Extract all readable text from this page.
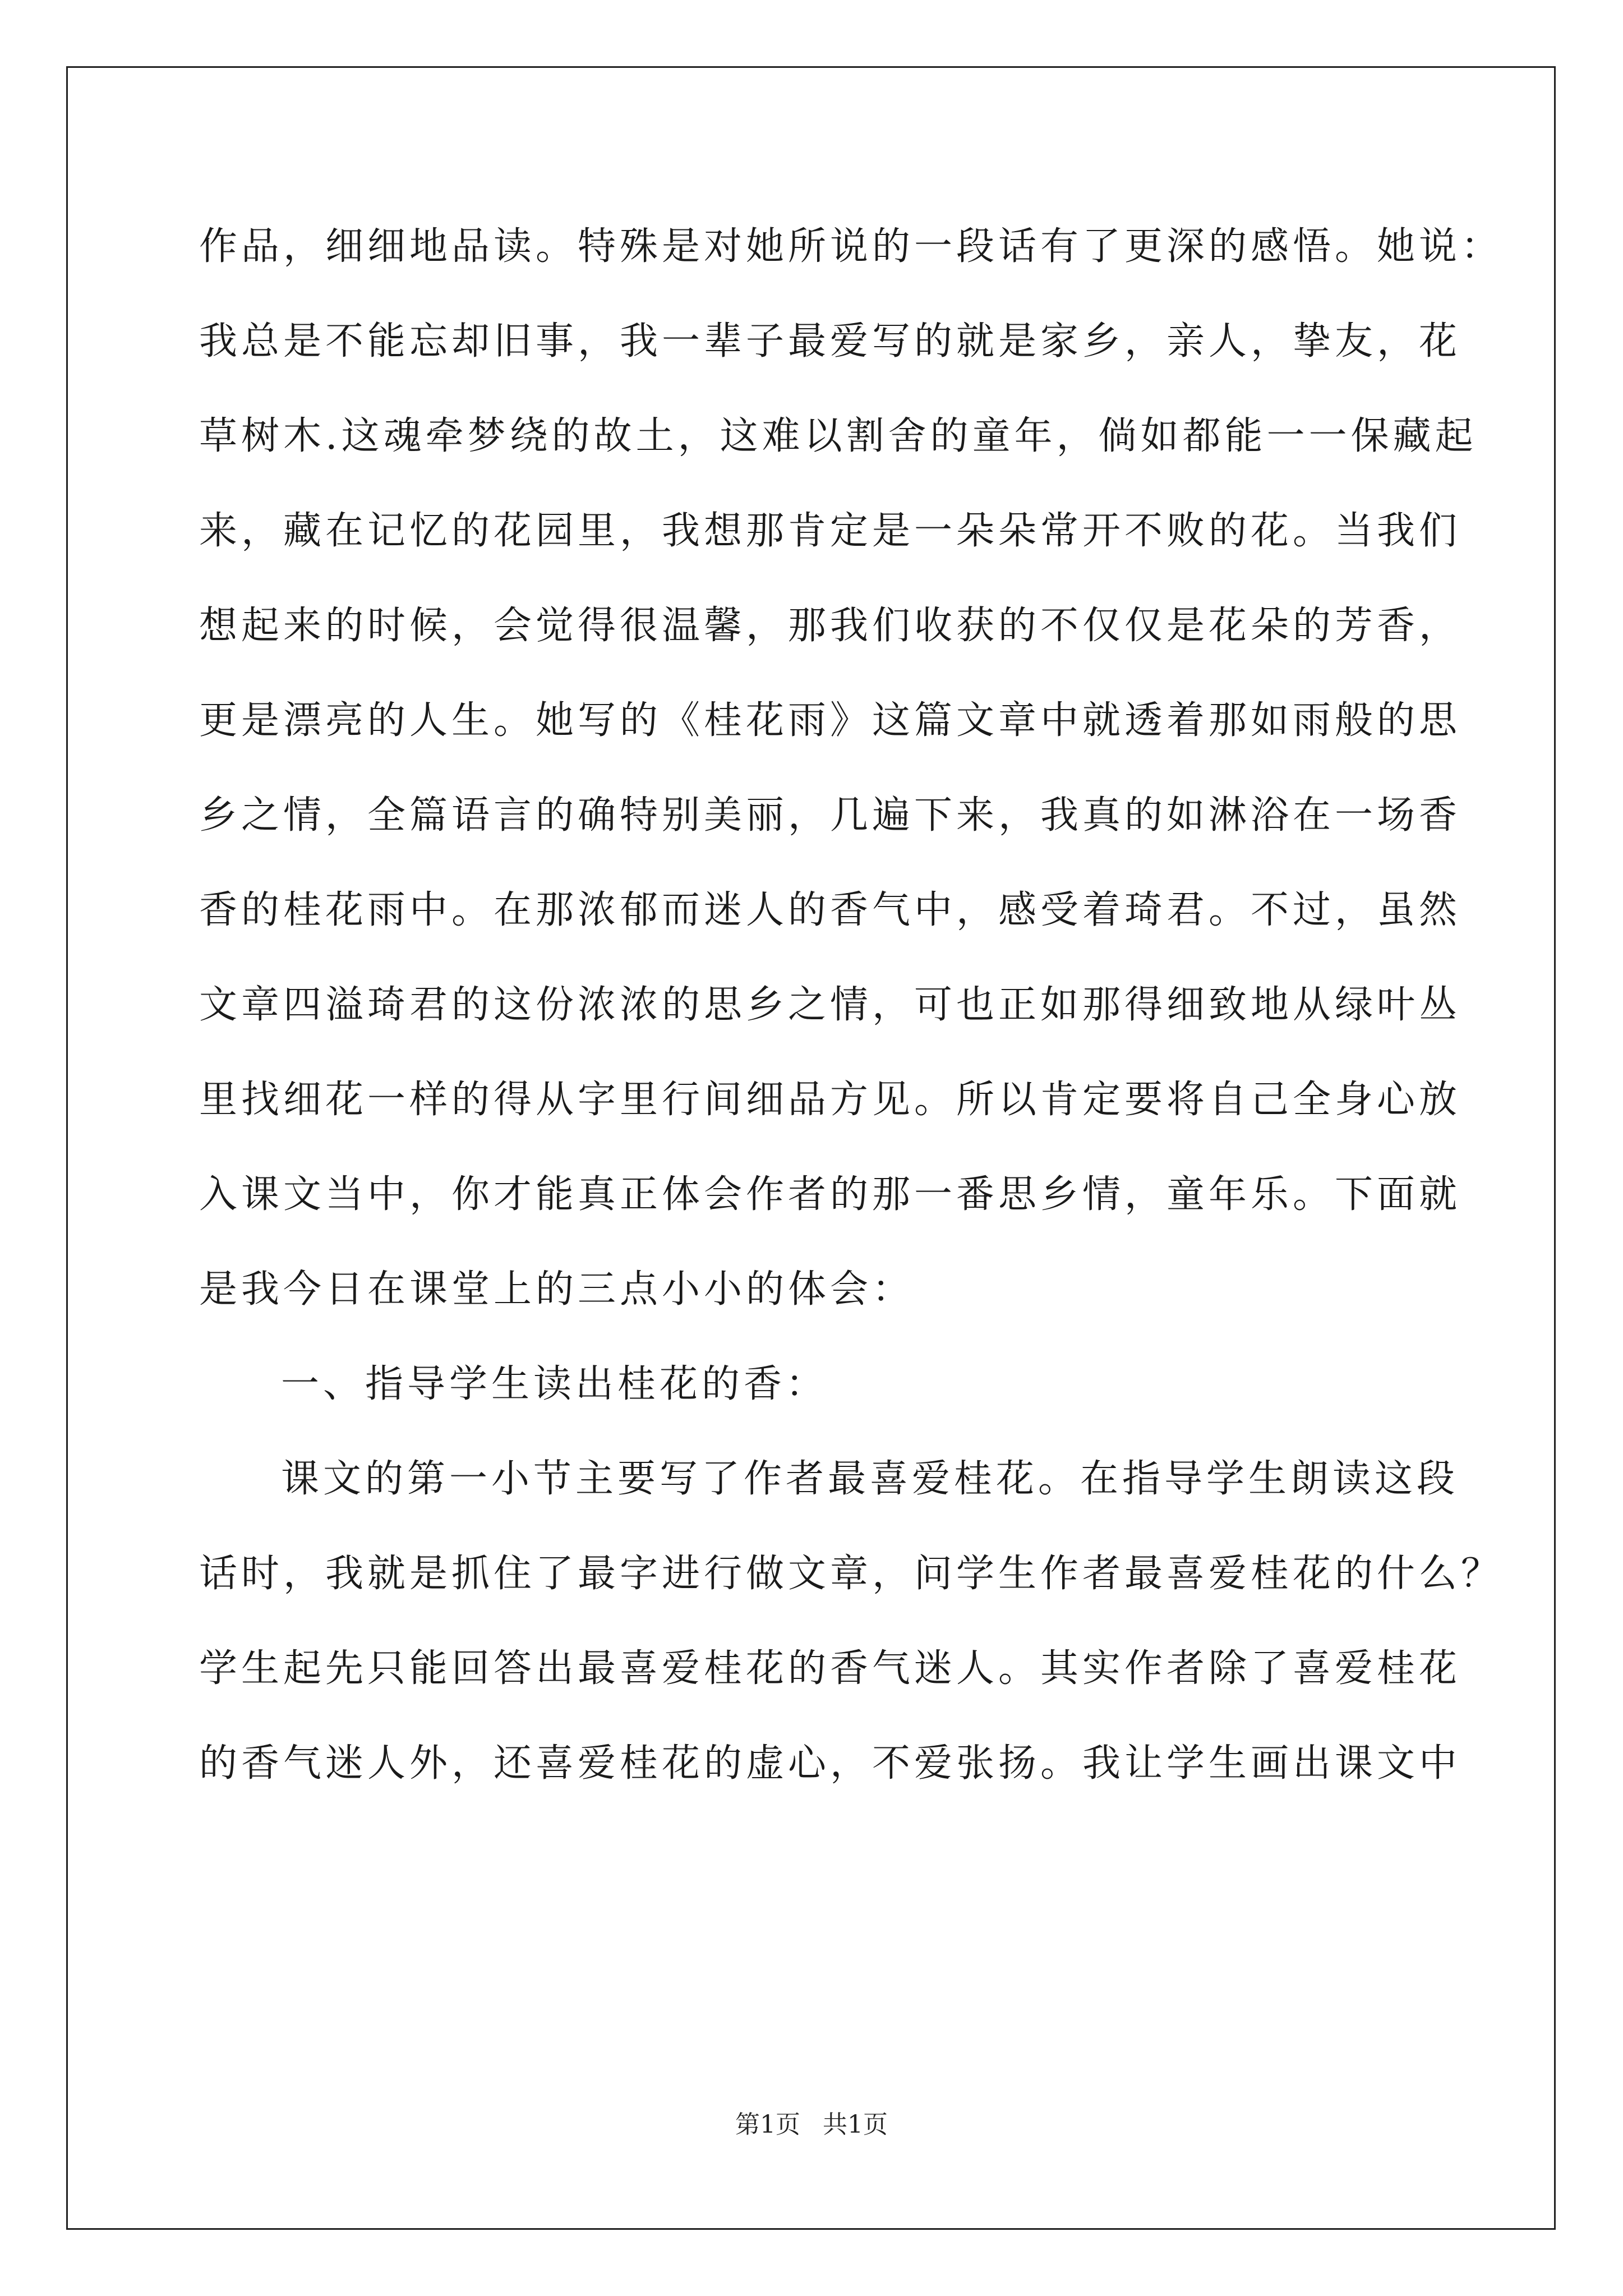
作品，细细地品读。特殊是对她所说的一段话有了更深的感悟。她说：
我总是不能忘却旧事，我一辈子最爱写的就是家乡，亲人，挚友，花
草树木.这魂牵梦绕的故土，这难以割舍的童年，倘如都能一一保藏起
来，藏在记忆的花园里，我想那肯定是一朵朵常开不败的花。当我们
想起来的时候，会觉得很温馨，那我们收获的不仅仅是花朵的芳香，
更是漂亮的人生。她写的《桂花雨》这篇文章中就透着那如雨般的思
乡之情，全篇语言的确特别美丽，几遍下来，我真的如淋浴在一场香
香的桂花雨中。在那浓郁而迷人的香气中，感受着琦君。不过，虽然
文章四溢琦君的这份浓浓的思乡之情，可也正如那得细致地从绿叶丛
里找细花一样的得从字里行间细品方见。所以肯定要将自己全身心放
入课文当中，你才能真正体会作者的那一番思乡情，童年乐。下面就
是我今日在课堂上的三点小小的体会：
一、指导学生读出桂花的香：
课文的第一小节主要写了作者最喜爱桂花。在指导学生朗读这段
话时，我就是抓住了最字进行做文章，问学生作者最喜爱桂花的什么？
学生起先只能回答出最喜爱桂花的香气迷人。其实作者除了喜爱桂花
的香气迷人外，还喜爱桂花的虚心，不爱张扬。我让学生画出课文中
第1页 共1页
